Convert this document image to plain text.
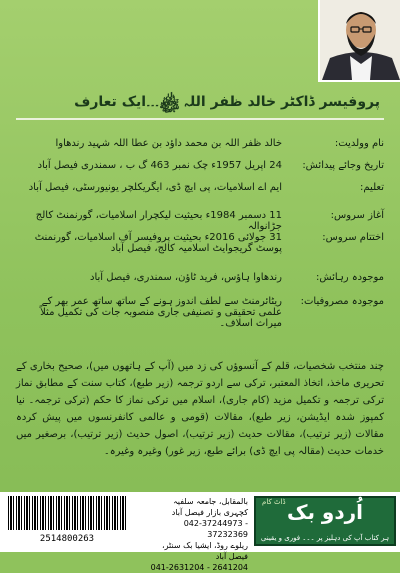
پروفیسر ڈاکٹر خالد ظفر اللہ ﷾۔۔۔ایک تعارف
نام وولدیت:
خالد ظفر اللہ بن محمد داؤد بن عطا اللہ شہید رندھاوا
تاریخ وجائے پیدائش:
24 اپریل 1957ء چک نمبر 463 گ ب ، سمندری فیصل آباد
تعلیم:
ایم اے اسلامیات، پی ایچ ڈی، ایگریکلچر یونیورسٹی، فیصل آباد
آغاز سروس:
11 دسمبر 1984ء بحیثیت لیکچرار اسلامیات، گورنمنٹ کالج جڑانوالہ
اختتام سروس:
31 جولائی 2016ء بحیثیت پروفیسر آف اسلامیات، گورنمنٹ پوسٹ گریجوایٹ اسلامیہ کالج، فیصل آباد
موجودہ رہائش:
رندھاوا ہاؤس، فرید ٹاؤن، سمندری، فیصل آباد
موجودہ مصروفیات:
ریٹائرمنٹ سے لطف اندوز ہونے کے ساتھ ساتھ عمر بھر کے علمی تحقیقی و تصنیفی جاری منصوبہ جات کی تکمیل مثلاً میراث اسلاف۔
چند منتخب شخصیات، قلم کے آنسوؤں کی زد میں (آپ کے ہاتھوں میں)، صحیح بخاری کے تحریری ماخذ، اتخاذ المعتبر، ترکی سے اردو ترجمہ (زیر طبع)، کتاب سنت کے مطابق نماز ترکی ترجمہ و تکمیل مزید (کام جاری)، اسلام میں ترکی نماز کا حکم (ترکی ترجمہ۔ نیا کمپوز شدہ ایڈیشن، زیر طبع)، مقالات (قومی و عالمی کانفرنسوں میں پیش کردہ مقالات (زیر ترتیب)، مقالات حدیث (زیر ترتیب)، اصول حدیث (زیر ترتیب)، برصغیر میں خدمات حدیث (مقالہ پی ایچ ڈی) برائے طبع، زیر غور) وغیرہ وغیرہ۔
2514800263
بالمقابل، جامعہ سلفیہ کچہری بازار فیصل آباد
042-37244973 - 37232369
ریلوے روڈ، ایشیا بک سنٹر، فیصل آباد
041-2631204 - 2641204
ڈاٹ کام اُردو بک
ہر کتاب آپ کی دہلیز پر ۔۔۔ فوری و یقینی
